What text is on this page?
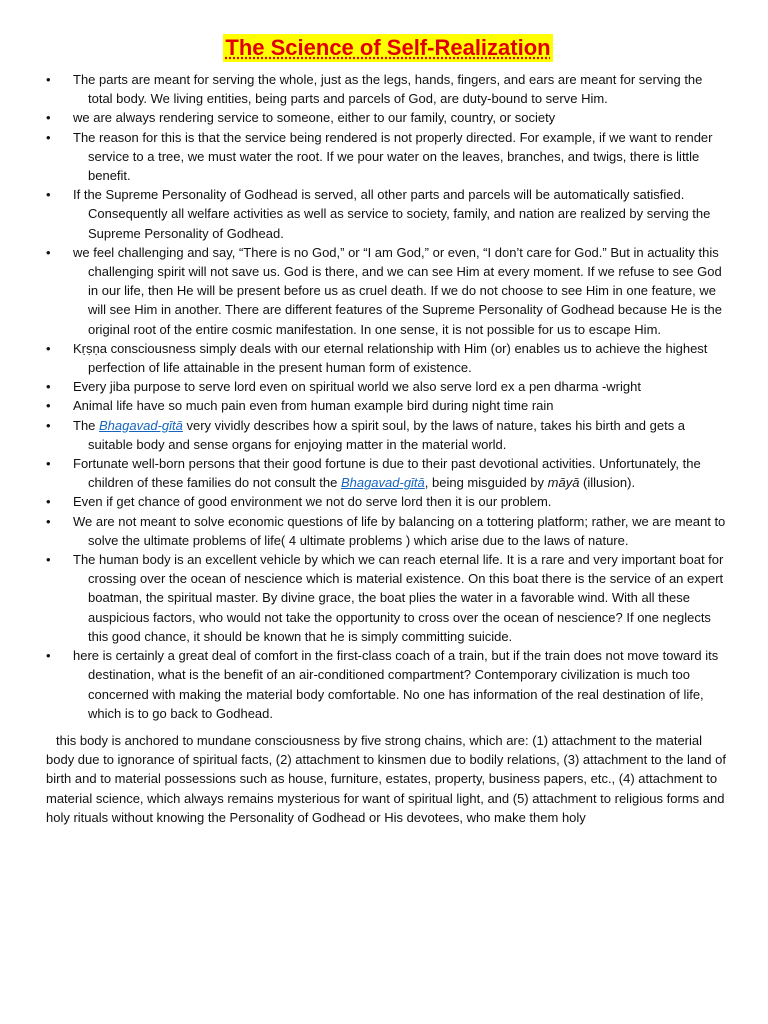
The Science of Self-Realization
• The parts are meant for serving the whole, just as the legs, hands, fingers, and ears are meant for serving the total body. We living entities, being parts and parcels of God, are duty-bound to serve Him.
• we are always rendering service to someone, either to our family, country, or society
• The reason for this is that the service being rendered is not properly directed. For example, if we want to render service to a tree, we must water the root. If we pour water on the leaves, branches, and twigs, there is little benefit.
• If the Supreme Personality of Godhead is served, all other parts and parcels will be automatically satisfied. Consequently all welfare activities as well as service to society, family, and nation are realized by serving the Supreme Personality of Godhead.
• we feel challenging and say, “There is no God,” or “I am God,” or even, “I don’t care for God.” But in actuality this challenging spirit will not save us. God is there, and we can see Him at every moment. If we refuse to see God in our life, then He will be present before us as cruel death. If we do not choose to see Him in one feature, we will see Him in another. There are different features of the Supreme Personality of Godhead because He is the original root of the entire cosmic manifestation. In one sense, it is not possible for us to escape Him.
• Kṛṣṇa consciousness simply deals with our eternal relationship with Him (or) enables us to achieve the highest perfection of life attainable in the present human form of existence.
• Every jiba purpose to serve lord even on spiritual world we also serve lord ex a pen dharma -wright
• Animal life have so much pain even from human example bird during night time rain
• The Bhagavad-gītā very vividly describes how a spirit soul, by the laws of nature, takes his birth and gets a suitable body and sense organs for enjoying matter in the material world.
• Fortunate well-born persons that their good fortune is due to their past devotional activities. Unfortunately, the children of these families do not consult the Bhagavad-gītā, being misguided by māyā (illusion).
• Even if get chance of good environment we not do serve lord then it is our problem.
• We are not meant to solve economic questions of life by balancing on a tottering platform; rather, we are meant to solve the ultimate problems of life( 4 ultimate problems ) which arise due to the laws of nature.
• The human body is an excellent vehicle by which we can reach eternal life. It is a rare and very important boat for crossing over the ocean of nescience which is material existence. On this boat there is the service of an expert boatman, the spiritual master. By divine grace, the boat plies the water in a favorable wind. With all these auspicious factors, who would not take the opportunity to cross over the ocean of nescience? If one neglects this good chance, it should be known that he is simply committing suicide.
• here is certainly a great deal of comfort in the first-class coach of a train, but if the train does not move toward its destination, what is the benefit of an air-conditioned compartment? Contemporary civilization is much too concerned with making the material body comfortable. No one has information of the real destination of life, which is to go back to Godhead.

this body is anchored to mundane consciousness by five strong chains, which are: (1) attachment to the material body due to ignorance of spiritual facts, (2) attachment to kinsmen due to bodily relations, (3) attachment to the land of birth and to material possessions such as house, furniture, estates, property, business papers, etc., (4) attachment to material science, which always remains mysterious for want of spiritual light, and (5) attachment to religious forms and holy rituals without knowing the Personality of Godhead or His devotees, who make them holy
